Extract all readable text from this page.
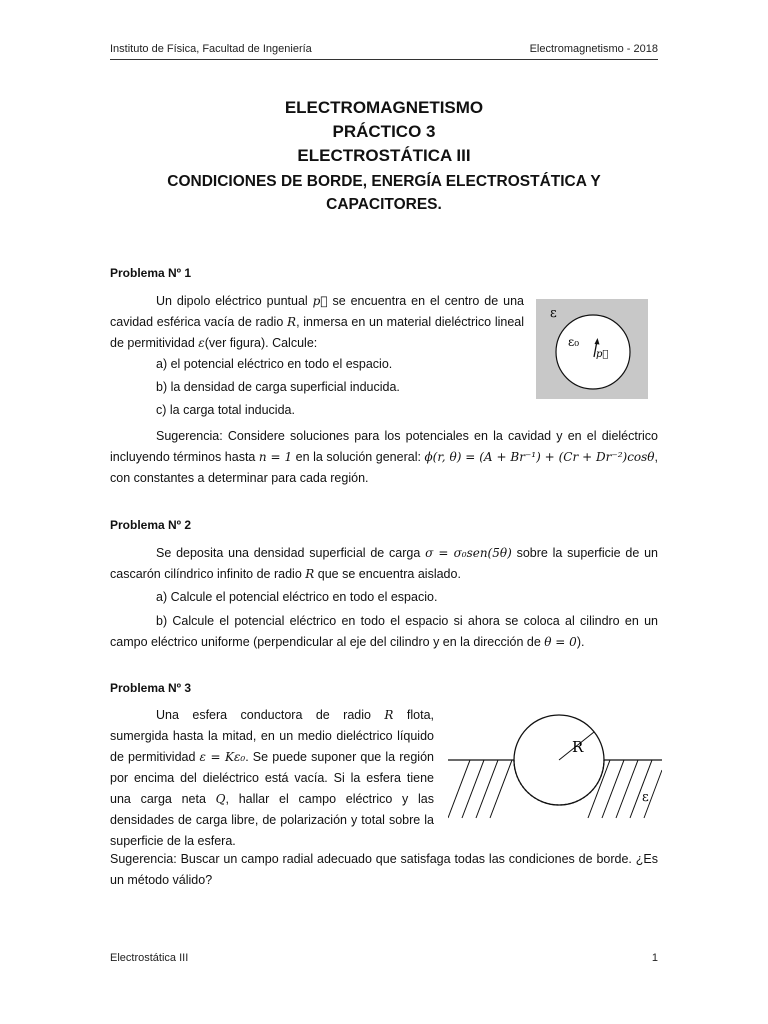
Instituto de Física, Facultad de Ingeniería	Electromagnetismo - 2018
ELECTROMAGNETISMO
PRÁCTICO 3
ELECTROSTÁTICA III
CONDICIONES DE BORDE, ENERGÍA ELECTROSTÁTICA Y
CAPACITORES.
Problema Nº 1

Un dipolo eléctrico puntual p⃗ se encuentra en el centro de una cavidad esférica vacía de radio R, inmersa en un material dieléctrico lineal de permitividad ε(ver figura). Calcule:

a) el potencial eléctrico en todo el espacio.

b) la densidad de carga superficial inducida.

c) la carga total inducida.

ε
ε₀
p⃗

Sugerencia: Considere soluciones para los potenciales en la cavidad y en el dieléctrico incluyendo términos hasta n = 1 en la solución general: ϕ(r, θ) = (A + Br⁻¹) + (Cr + Dr⁻²)cosθ, con constantes a determinar para cada región.

Problema Nº 2

Se deposita una densidad superficial de carga σ = σ₀sen(5θ) sobre la superficie de un cascarón cilíndrico infinito de radio R que se encuentra aislado.

a) Calcule el potencial eléctrico en todo el espacio.

b) Calcule el potencial eléctrico en todo el espacio si ahora se coloca al cilindro en un campo eléctrico uniforme (perpendicular al eje del cilindro y en la dirección de θ = 0).

Problema Nº 3

Una esfera conductora de radio R flota, sumergida hasta la mitad, en un medio dieléctrico líquido de permitividad ε = Kε₀. Se puede suponer que la región por encima del dieléctrico está vacía. Si la esfera tiene una carga neta Q, hallar el campo eléctrico y las densidades de carga libre, de polarización y total sobre la superficie de la esfera.

R
ε
Sugerencia: Buscar un campo radial adecuado que satisfaga todas las condiciones de borde. ¿Es un método válido?
Electrostática III	1
